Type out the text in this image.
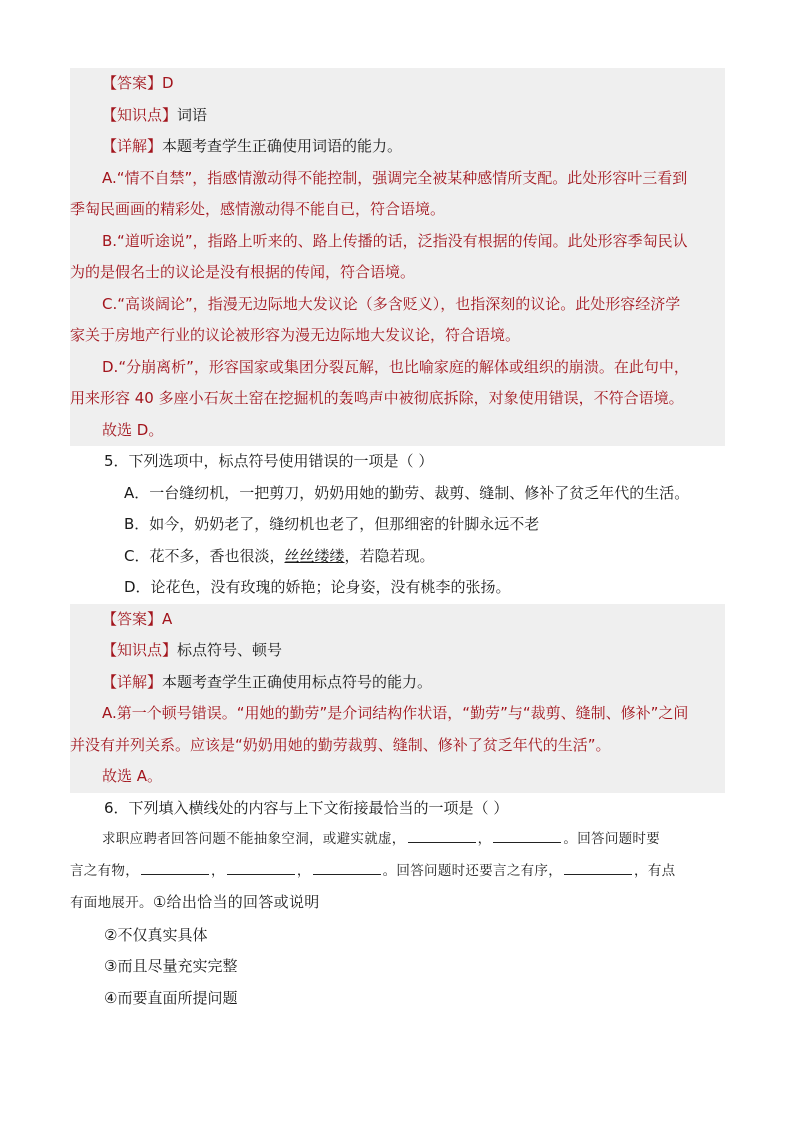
【答案】D
【知识点】词语
【详解】本题考查学生正确使用词语的能力。
A.“情不自禁”，指感情激动得不能控制，强调完全被某种感情所支配。此处形容叶三看到
季匋民画画的精彩处，感情激动得不能自已，符合语境。
B.“道听途说”，指路上听来的、路上传播的话，泛指没有根据的传闻。此处形容季匋民认
为的是假名士的议论是没有根据的传闻，符合语境。
C.“高谈阔论”，指漫无边际地大发议论（多含贬义），也指深刻的议论。此处形容经济学
家关于房地产行业的议论被形容为漫无边际地大发议论，符合语境。
D.“分崩离析”，形容国家或集团分裂瓦解，也比喻家庭的解体或组织的崩溃。在此句中，
用来形容 40 多座小石灰土窑在挖掘机的轰鸣声中被彻底拆除，对象使用错误，不符合语境。
故选 D。
5．下列选项中，标点符号使用错误的一项是（ ）
A．一台缝纫机，一把剪刀，奶奶用她的勤劳、裁剪、缝制、修补了贫乏年代的生活。
B．如今，奶奶老了，缝纫机也老了，但那细密的针脚永远不老
C．花不多，香也很淡，丝丝缕缕，若隐若现。
D．论花色，没有玫瑰的娇艳；论身姿，没有桃李的张扬。
【答案】A
【知识点】标点符号、顿号
【详解】本题考查学生正确使用标点符号的能力。
A.第一个顿号错误。“用她的勤劳”是介词结构作状语，“勤劳”与“裁剪、缝制、修补”之间
并没有并列关系。应该是“奶奶用她的勤劳裁剪、缝制、修补了贫乏年代的生活”。
故选 A。
6．下列填入横线处的内容与上下文衔接最恰当的一项是（ ）
求职应聘者回答问题不能抽象空洞，或避实就虚，	，	。回答问题时要
言之有物，	，	，	。回答问题时还要言之有序，	，有点
有面地展开。①给出恰当的回答或说明
②不仅真实具体
③而且尽量充实完整
④而要直面所提问题
